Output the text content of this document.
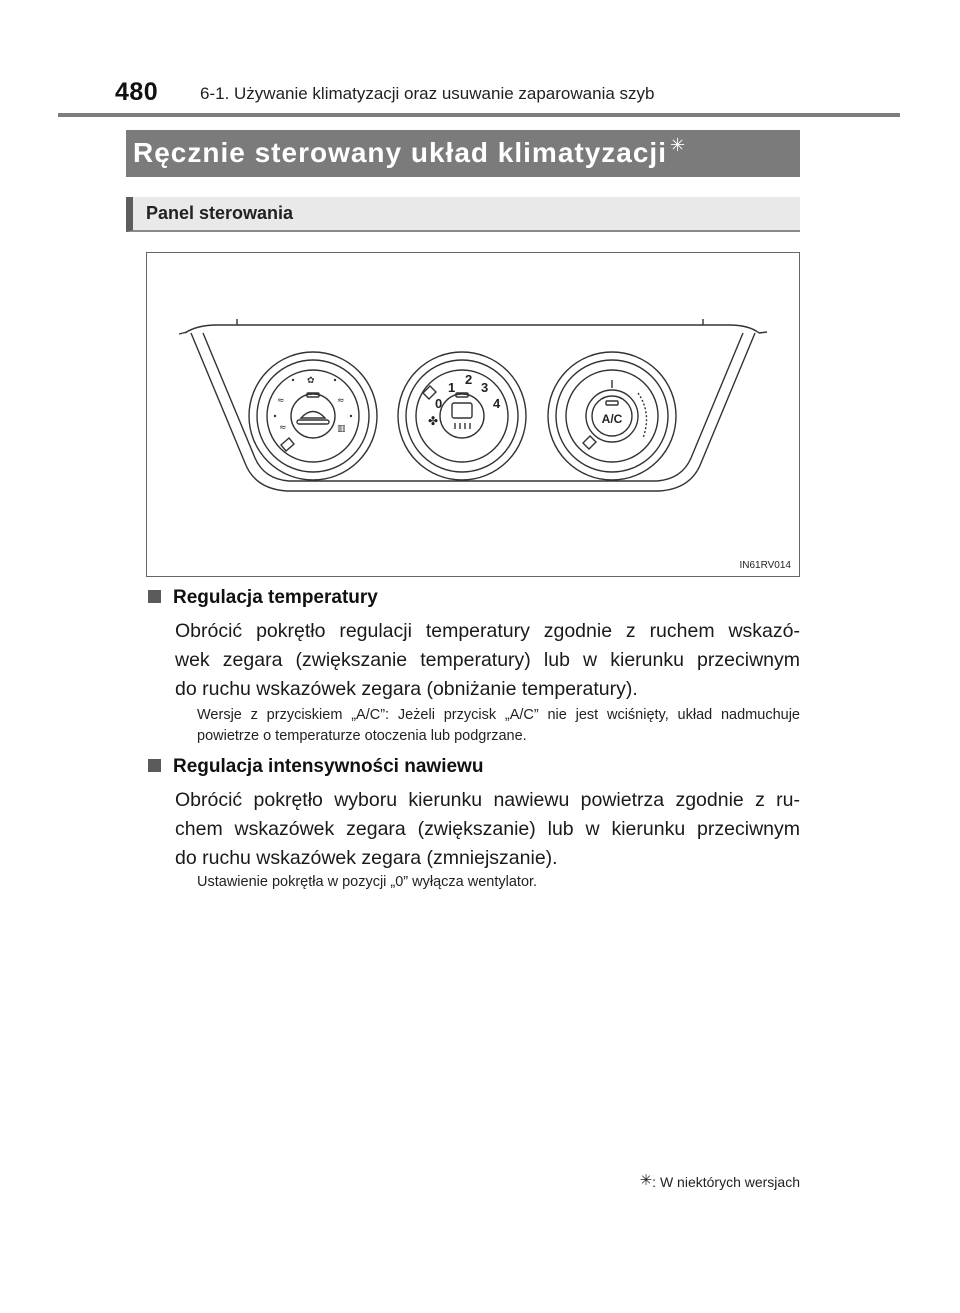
480 6-1. Używanie klimatyzacji oraz usuwanie zaparowania szyb
Ręcznie sterowany układ klimatyzacji ✳
Panel sterowania
✿
≈	≈
≈	▥
0
1
2
3
4
✤	A/C
IN61RV014
Regulacja temperatury
Obrócić pokrętło regulacji temperatury zgodnie z ruchem wskazó-
wek zegara (zwiększanie temperatury) lub w kierunku przeciwnym
do ruchu wskazówek zegara (obniżanie temperatury).
Wersje z przyciskiem „A/C”: Jeżeli przycisk „A/C” nie jest wciśnięty, układ nadmuchuje powietrze o temperaturze otoczenia lub podgrzane.
Regulacja intensywności nawiewu
Obrócić pokrętło wyboru kierunku nawiewu powietrza zgodnie z ru-
chem wskazówek zegara (zwiększanie) lub w kierunku przeciwnym
do ruchu wskazówek zegara (zmniejszanie).
Ustawienie pokrętła w pozycji „0” wyłącza wentylator.
✳: W niektórych wersjach
